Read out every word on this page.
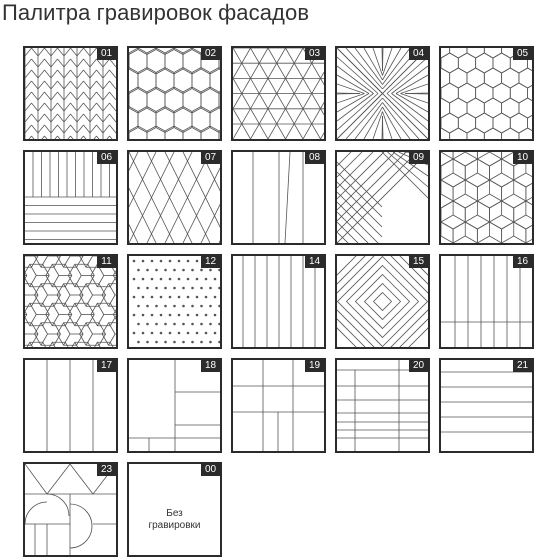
Палитра гравировок фасадов
01	02	03	04	05
06	07	08	09	10
11	12	14	15	16
17	18	19	20	21
23
Без
гравировки
00
